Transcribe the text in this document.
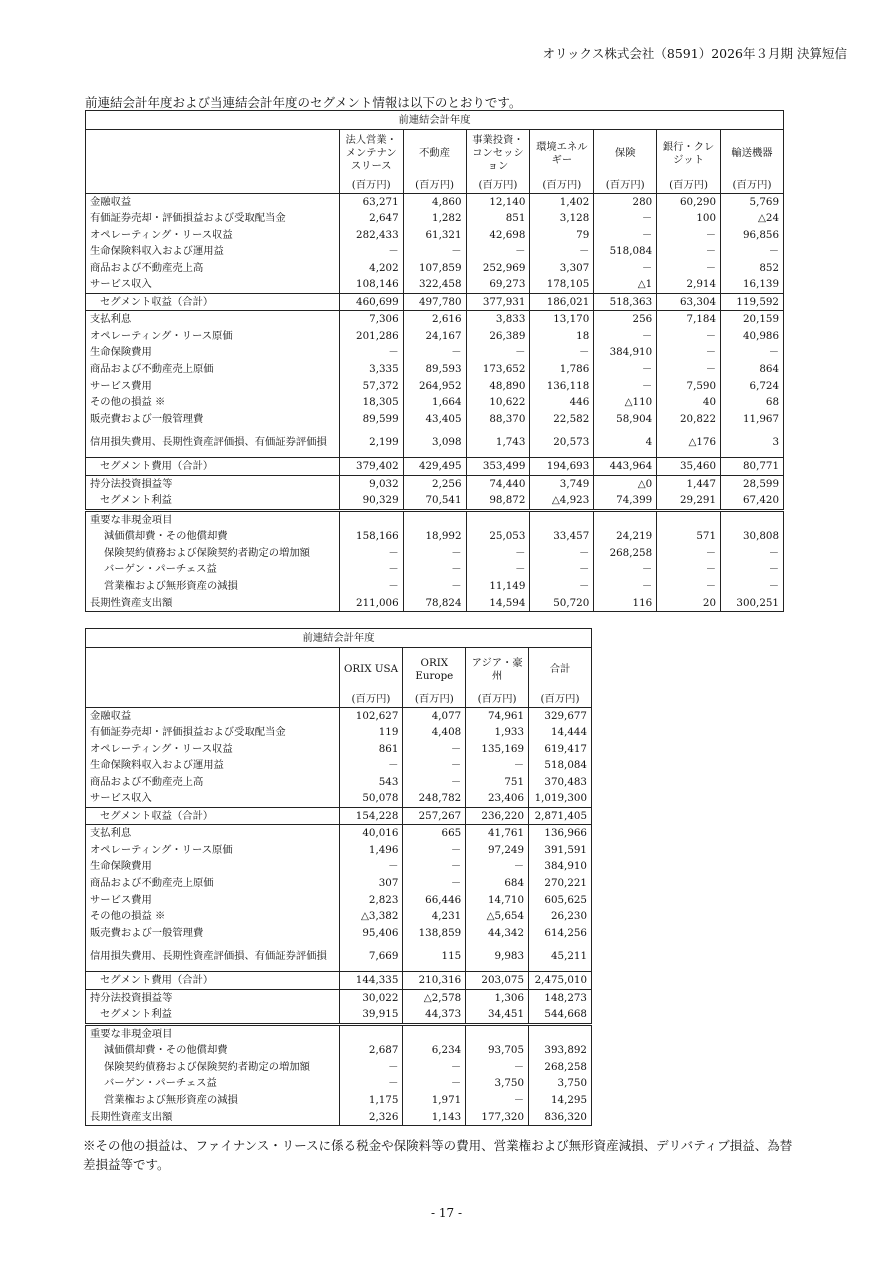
オリックス株式会社（8591）2026年３月期 決算短信
前連結会計年度および当連結会計年度のセグメント情報は以下のとおりです。
前連結会計年度							
	法人営業・メンテナンスリース	不動産	事業投資・コンセッション	環境エネルギー	保険	銀行・クレジット	輸送機器
	(百万円)	(百万円)	(百万円)	(百万円)	(百万円)	(百万円)	(百万円)
金融収益	63,271	4,860	12,140	1,402	280	60,290	5,769
有価証券売却・評価損益および受取配当金	2,647	1,282	851	3,128	－	100	△24
オペレーティング・リース収益	282,433	61,321	42,698	79	－	－	96,856
生命保険料収入および運用益	－	－	－	－	518,084	－	－
商品および不動産売上高	4,202	107,859	252,969	3,307	－	－	852
サービス収入	108,146	322,458	69,273	178,105	△1	2,914	16,139
セグメント収益（合計）	460,699	497,780	377,931	186,021	518,363	63,304	119,592
支払利息	7,306	2,616	3,833	13,170	256	7,184	20,159
オペレーティング・リース原価	201,286	24,167	26,389	18	－	－	40,986
生命保険費用	－	－	－	－	384,910	－	－
商品および不動産売上原価	3,335	89,593	173,652	1,786	－	－	864
サービス費用	57,372	264,952	48,890	136,118	－	7,590	6,724
その他の損益 ※	18,305	1,664	10,622	446	△110	40	68
販売費および一般管理費	89,599	43,405	88,370	22,582	58,904	20,822	11,967
信用損失費用、長期性資産評価損、有価証券評価損	2,199	3,098	1,743	20,573	4	△176	3
セグメント費用（合計）	379,402	429,495	353,499	194,693	443,964	35,460	80,771
持分法投資損益等	9,032	2,256	74,440	3,749	△0	1,447	28,599
セグメント利益	90,329	70,541	98,872	△4,923	74,399	29,291	67,420
重要な非現金項目							
減価償却費・その他償却費	158,166	18,992	25,053	33,457	24,219	571	30,808
保険契約債務および保険契約者勘定の増加額	－	－	－	－	268,258	－	－
バーゲン・パーチェス益	－	－	－	－	－	－	－
営業権および無形資産の減損	－	－	11,149	－	－	－	－
長期性資産支出額	211,006	78,824	14,594	50,720	116	20	300,251
前連結会計年度				
	ORIX USA	ORIX Europe	アジア・豪州	合計
	(百万円)	(百万円)	(百万円)	(百万円)
金融収益	102,627	4,077	74,961	329,677
有価証券売却・評価損益および受取配当金	119	4,408	1,933	14,444
オペレーティング・リース収益	861	－	135,169	619,417
生命保険料収入および運用益	－	－	－	518,084
商品および不動産売上高	543	－	751	370,483
サービス収入	50,078	248,782	23,406	1,019,300
セグメント収益（合計）	154,228	257,267	236,220	2,871,405
支払利息	40,016	665	41,761	136,966
オペレーティング・リース原価	1,496	－	97,249	391,591
生命保険費用	－	－	－	384,910
商品および不動産売上原価	307	－	684	270,221
サービス費用	2,823	66,446	14,710	605,625
その他の損益 ※	△3,382	4,231	△5,654	26,230
販売費および一般管理費	95,406	138,859	44,342	614,256
信用損失費用、長期性資産評価損、有価証券評価損	7,669	115	9,983	45,211
セグメント費用（合計）	144,335	210,316	203,075	2,475,010
持分法投資損益等	30,022	△2,578	1,306	148,273
セグメント利益	39,915	44,373	34,451	544,668
重要な非現金項目				
減価償却費・その他償却費	2,687	6,234	93,705	393,892
保険契約債務および保険契約者勘定の増加額	－	－	－	268,258
バーゲン・パーチェス益	－	－	3,750	3,750
営業権および無形資産の減損	1,175	1,971	－	14,295
長期性資産支出額	2,326	1,143	177,320	836,320
※その他の損益は、ファイナンス・リースに係る税金や保険料等の費用、営業権および無形資産減損、デリバティブ損益、為替差損益等です。
- 17 -
